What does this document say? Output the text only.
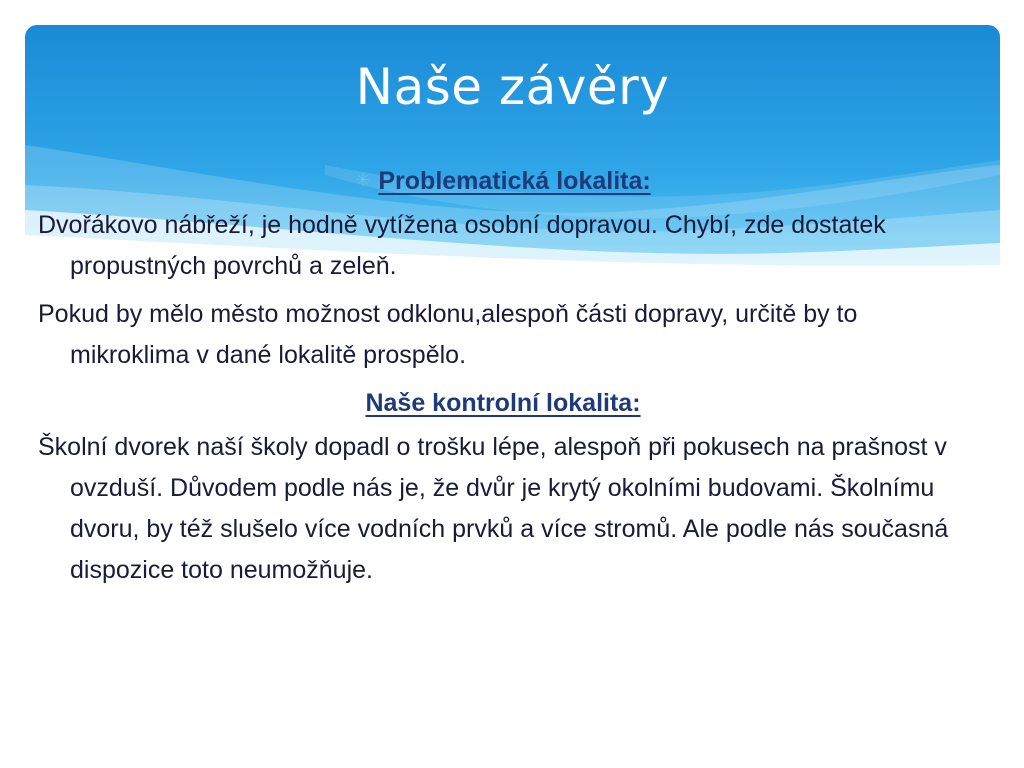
Naše závěry
✳ Problematická lokalita:

Dvořákovo nábřeží, je hodně vytížena osobní dopravou. Chybí, zde dostatek propustných povrchů a zeleň.

Pokud by mělo město možnost odklonu,alespoň části dopravy, určitě by to mikroklima v dané lokalitě prospělo.

Naše kontrolní lokalita:

Školní dvorek naší školy dopadl o trošku lépe, alespoň při pokusech na prašnost v ovzduší. Důvodem podle nás je, že dvůr je krytý okolními budovami. Školnímu dvoru, by též slušelo více vodních prvků a více stromů. Ale podle nás současná dispozice toto neumožňuje.
